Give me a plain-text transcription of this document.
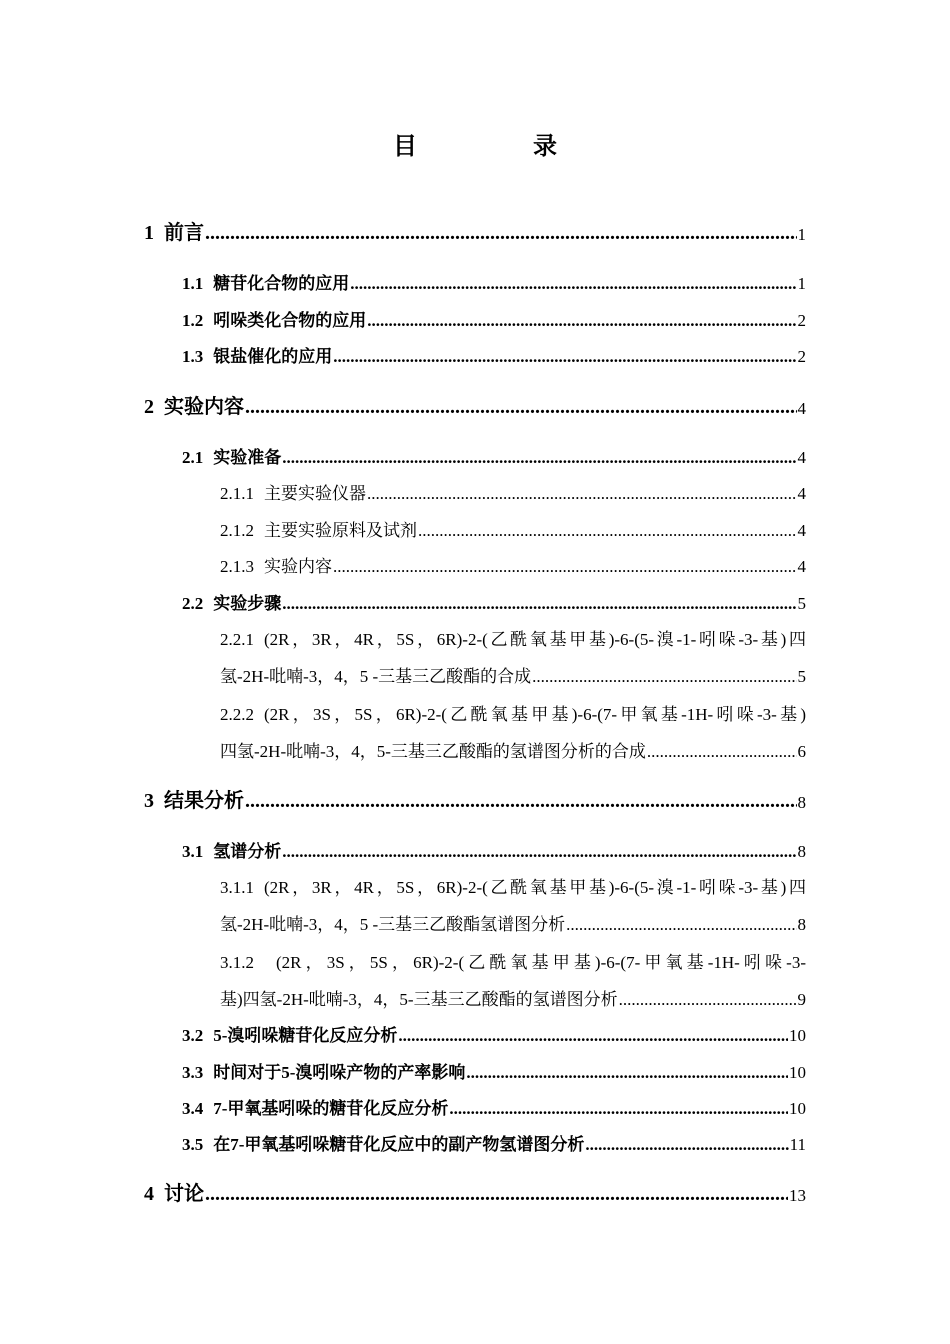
目　录
1 前言 .....	1
1.1 糖苷化合物的应用 .....	1
1.2 吲哚类化合物的应用 .....	2
1.3 银盐催化的应用 .....	2
2 实验内容 .....	4
2.1 实验准备 .....	4
2.1.1 主要实验仪器 .....	4
2.1.2 主要实验原料及试剂 .....	4
2.1.3 实验内容 .....	4
2.2 实验步骤 .....	5
2.2.1 (2R，3R，4R，5S，6R)-2-(乙酰氧基甲基)-6-(5-溴-1-吲哚-3-基)四
氢-2H-吡喃-3，4，5 -三基三乙酸酯的合成 .....	5
2.2.2 (2R，3S，5S，6R)-2-(乙酰氧基甲基)-6-(7-甲氧基-1H-吲哚-3-基)
四氢-2H-吡喃-3，4，5-三基三乙酸酯的氢谱图分析的合成 .....	6
3 结果分析 .....	8
3.1 氢谱分析 .....	8
3.1.1 (2R，3R，4R，5S，6R)-2-(乙酰氧基甲基)-6-(5-溴-1-吲哚-3-基)四
氢-2H-吡喃-3，4，5 -三基三乙酸酯氢谱图分析 .....	8
3.1.2 (2R，3S，5S，6R)-2-(乙酰氧基甲基)-6-(7-甲氧基-1H-吲哚-3-
基)四氢-2H-吡喃-3，4，5-三基三乙酸酯的氢谱图分析 .....	9
3.2 5-溴吲哚糖苷化反应分析 .....	10
3.3 时间对于5-溴吲哚产物的产率影响 .....	10
3.4 7-甲氧基吲哚的糖苷化反应分析 .....	10
3.5 在7-甲氧基吲哚糖苷化反应中的副产物氢谱图分析 .....	11
4 讨论 .....	13
